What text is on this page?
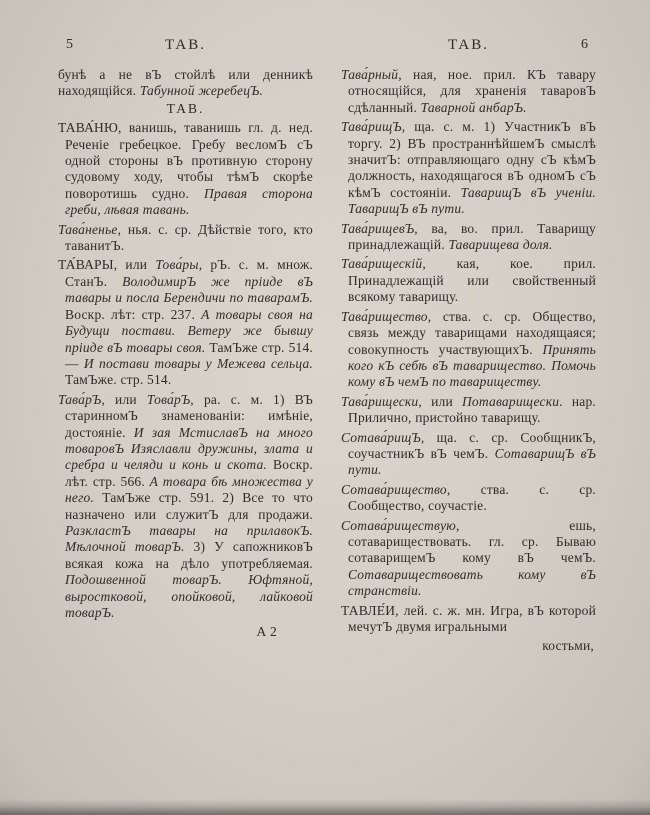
5	ТАВ.	ТАВ.	6
бунѣ а не вЪ стойлѣ или денникѣ находящійся. Табунной жеребецЪ.
ТАВ.
ТАВА́НЮ, ванишь, таванишь гл. д. нед. Реченіе гребецкое. Гребу весломЪ сЪ одной стороны вЪ противную сторону судовому ходу, чтобы тѣмЪ скорѣе поворотишь судно. Правая сторона греби, лѣвая тавань.
Тава́ненье, нья. с. ср. Дѣйствіе того, кто таванитЪ.
ТА́ВАРЫ, или Това́ры, рЪ. с. м. множ. СтанЪ. ВолодимирЪ же пріиде вЪ тавары и посла Берендичи по таварамЪ. Воскр. лѣт: стр. 237. А товары своя на Будущи постави. Ветеру же бывшу пріиде вЪ товары своя. ТамЪже стр. 514. — И постави товары у Межева сельца. ТамЪже. стр. 514.
Тава́рЪ, или Това́рЪ, ра. с. м. 1) ВЪ старинномЪ знаменованіи: имѣніе, достояніе. И зая МстиславЪ на много товаровЪ Изяславли дружины, злата и сребра и челяди и конь и скота. Воскр. лѣт. стр. 566. А товара бѣ множества у него. ТамЪже стр. 591. 2) Все то что назначено или служитЪ для продажи. РазкластЪ тавары на прилавокЪ. Мѣлочной товарЪ. 3) У сапожниковЪ всякая кожа на дѣло употребляемая. Подошвенной товарЪ. Юфтяной, выростковой, опойковой, лайковой товарЪ.
А 2
Тава́рный, ная, ное. прил. КЪ тавару относящійся, для храненія таваровЪ сдѣланный. Таварной анбарЪ.
Тава́рищЪ, ща. с. м. 1) УчастникЪ вЪ торгу. 2) ВЪ пространнѣйшемЪ смыслѣ значитЪ: отправляющаго одну сЪ кѣмЪ должность, находящагося вЪ одномЪ сЪ кѣмЪ состояніи. ТаварищЪ вЪ ученіи. ТаварищЪ вЪ пути.
Тава́рищевЪ, ва, во. прил. Таварищу принадлежащій. Таварищева доля.
Тава́рищескій, кая, кое. прил. Принадлежащій или свойственный всякому таварищу.
Тава́рищество, ства. с. ср. Общество, связь между таварищами находящаяся; совокупность участвующихЪ. Принять кого кЪ себѣ вЪ таварищество. Помочь кому вЪ чемЪ по тавариществу.
Тава́рищески, или Потаварищески. нар. Прилично, пристойно таварищу.
Сотава́рищЪ, ща. с. ср. СообщникЪ, соучастникЪ вЪ чемЪ. СотаварищЪ вЪ пути.
Сотава́рищество, ства. с. ср. Сообщество, соучастіе.
Сотава́риществую, ешь, сотавариществовать. гл. ср. Бываю сотаварищемЪ кому вЪ чемЪ. Сотавариществовать кому вЪ странствіи.
ТАВЛЕ́И, лей. с. ж. мн. Игра, вЪ которой мечутЪ двумя игральными
костьми,
